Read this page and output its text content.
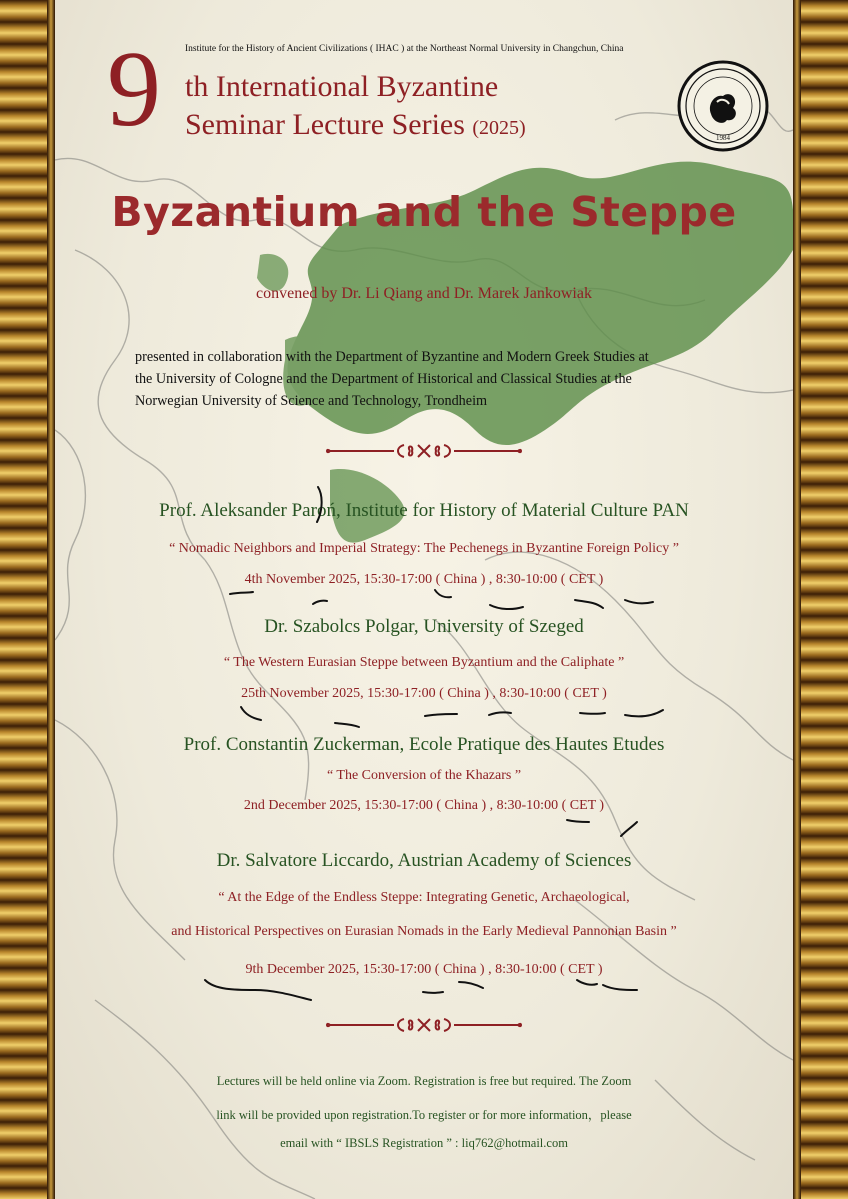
Institute for the History of Ancient Civilizations ( IHAC ) at the Northeast Normal University in Changchun, China
9 th International Byzantine
Seminar Lecture Series (2025)	1984
Byzantium and the Steppe
convened by Dr. Li Qiang and Dr. Marek Jankowiak
presented in collaboration with the Department of Byzantine and Modern Greek Studies at
the University of Cologne and the Department of Historical and Classical Studies at the
Norwegian University of Science and Technology, Trondheim
Prof. Aleksander Paroń, Institute for History of Material Culture PAN
“ Nomadic Neighbors and Imperial Strategy: The Pechenegs in Byzantine Foreign Policy ”
4th November 2025, 15:30-17:00 ( China ) , 8:30-10:00 ( CET )
Dr. Szabolcs Polgar, University of Szeged
“ The Western Eurasian Steppe between Byzantium and the Caliphate ”
25th November 2025, 15:30-17:00 ( China ) , 8:30-10:00 ( CET )
Prof. Constantin Zuckerman, Ecole Pratique des Hautes Etudes
“ The Conversion of the Khazars ”
2nd December 2025, 15:30-17:00 ( China ) , 8:30-10:00 ( CET )
Dr. Salvatore Liccardo, Austrian Academy of Sciences
“ At the Edge of the Endless Steppe: Integrating Genetic, Archaeological,
and Historical Perspectives on Eurasian Nomads in the Early Medieval Pannonian Basin ”
9th December 2025, 15:30-17:00 ( China ) , 8:30-10:00 ( CET )
Lectures will be held online via Zoom. Registration is free but required. The Zoom
link will be provided upon registration.To register or for more information，please
email with “ IBSLS Registration ” : liq762@hotmail.com
